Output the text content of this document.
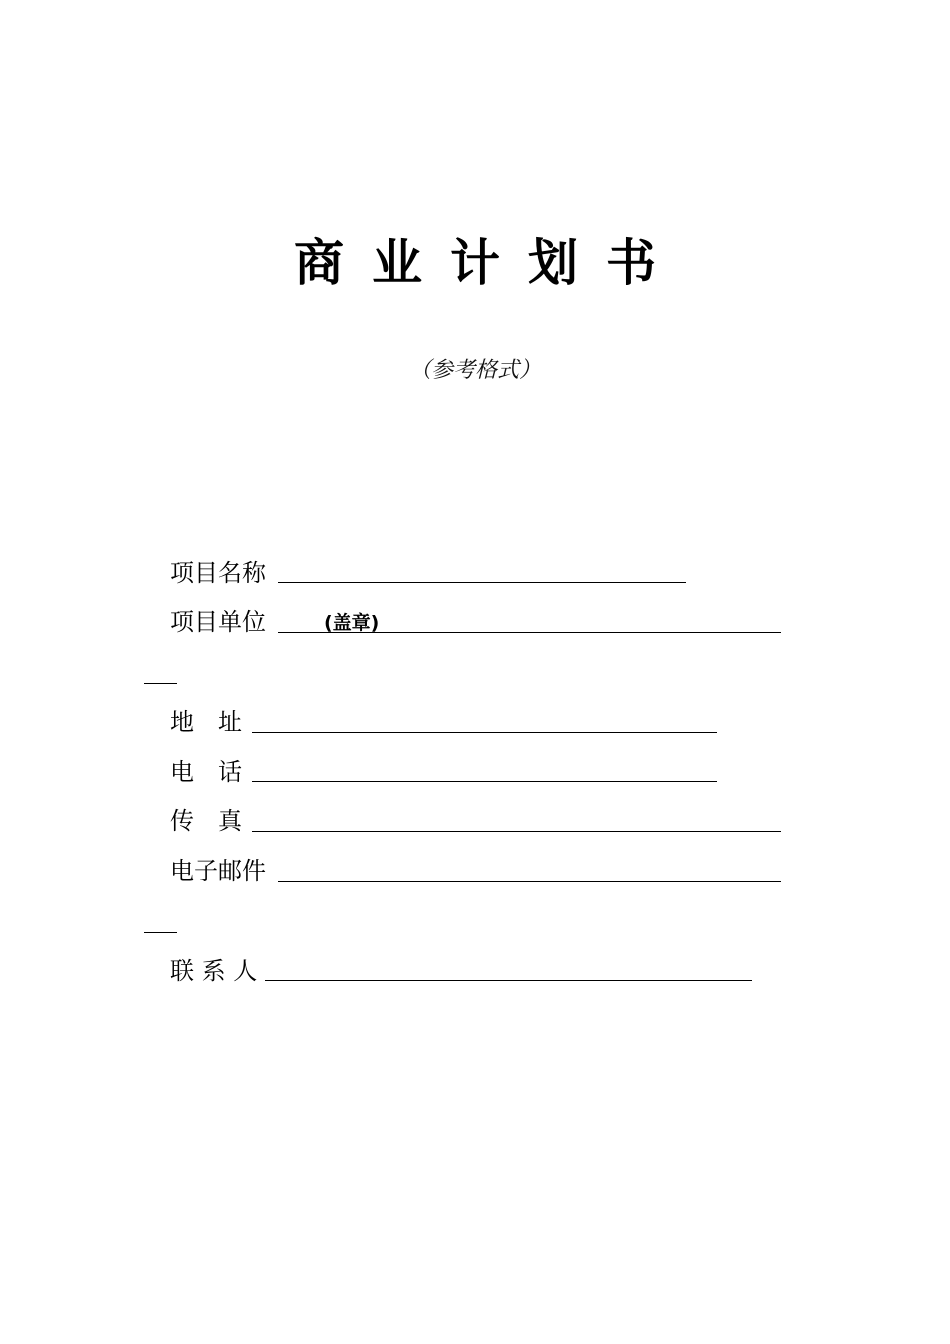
商业计划书
（参考格式）
项目名称
项目单位	(盖章)
地　址
电　话
传　真
电子邮件
联 系 人
